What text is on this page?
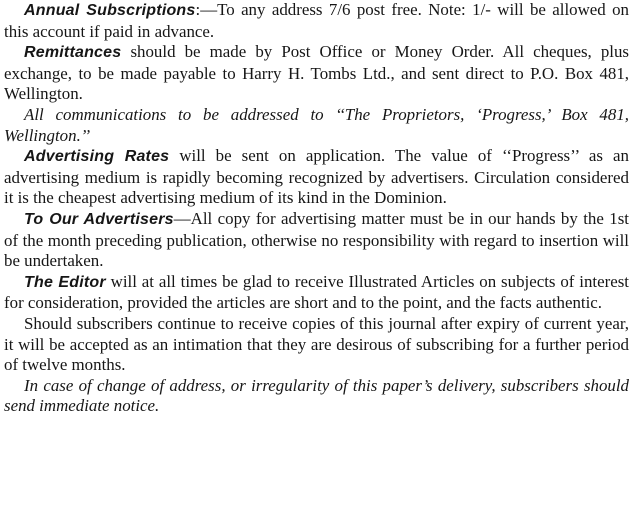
Annual Subscriptions:—To any address 7/6 post free. Note: 1/- will be allowed on this account if paid in advance.

Remittances should be made by Post Office or Money Order. All cheques, plus exchange, to be made payable to Harry H. Tombs Ltd., and sent direct to P.O. Box 481, Wellington.

All communications to be addressed to ‘‘The Proprietors, ‘Progress,’ Box 481, Wellington.’’

Advertising Rates will be sent on application. The value of ‘‘Progress’’ as an advertising medium is rapidly becoming recognized by advertisers. Circulation considered it is the cheapest advertising medium of its kind in the Dominion.

To Our Advertisers—All copy for advertising matter must be in our hands by the 1st of the month preceding publication, otherwise no responsibility with regard to insertion will be undertaken.

The Editor will at all times be glad to receive Illustrated Articles on subjects of interest for consideration, provided the articles are short and to the point, and the facts authentic.

Should subscribers continue to receive copies of this journal after expiry of current year, it will be accepted as an intimation that they are desirous of subscribing for a further period of twelve months.

In case of change of address, or irregularity of this paper’s delivery, subscribers should send immediate notice.
